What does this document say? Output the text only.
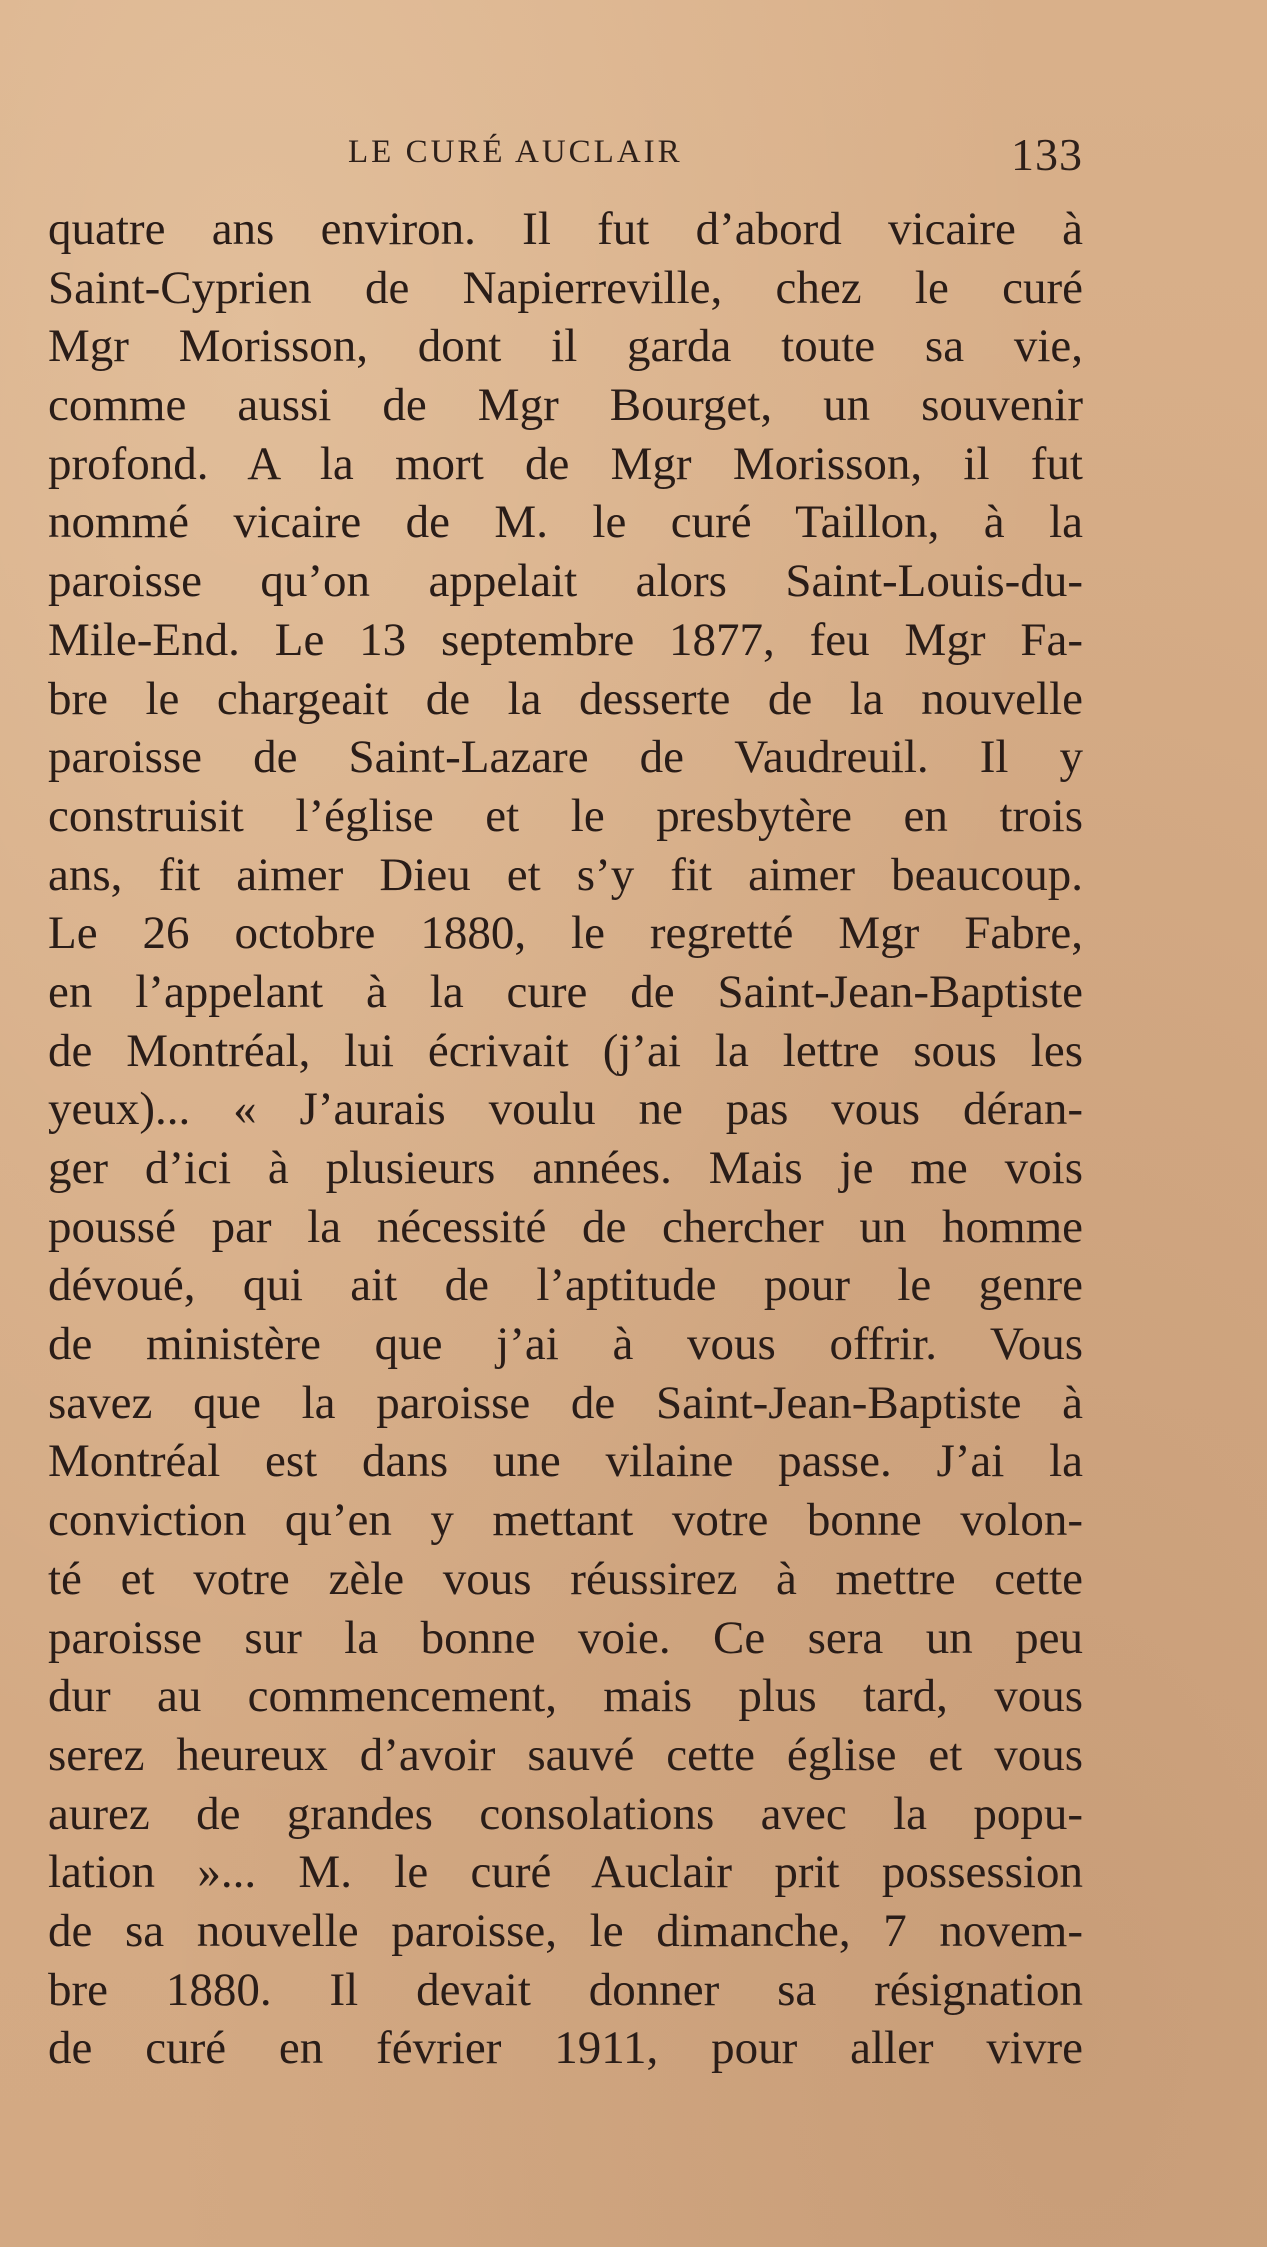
LE CURÉ AUCLAIR	133
quatre ans environ. Il fut d’abord vicaire à
Saint-Cyprien de Napierreville, chez le curé
Mgr Morisson, dont il garda toute sa vie,
comme aussi de Mgr Bourget, un souvenir
profond. A la mort de Mgr Morisson, il fut
nommé vicaire de M. le curé Taillon, à la
paroisse qu’on appelait alors Saint-Louis-du-
Mile-End. Le 13 septembre 1877, feu Mgr Fa-
bre le chargeait de la desserte de la nouvelle
paroisse de Saint-Lazare de Vaudreuil. Il y
construisit l’église et le presbytère en trois
ans, fit aimer Dieu et s’y fit aimer beaucoup.
Le 26 octobre 1880, le regretté Mgr Fabre,
en l’appelant à la cure de Saint-Jean-Baptiste
de Montréal, lui écrivait (j’ai la lettre sous les
yeux)... « J’aurais voulu ne pas vous déran-
ger d’ici à plusieurs années. Mais je me vois
poussé par la nécessité de chercher un homme
dévoué, qui ait de l’aptitude pour le genre
de ministère que j’ai à vous offrir. Vous
savez que la paroisse de Saint-Jean-Baptiste à
Montréal est dans une vilaine passe. J’ai la
conviction qu’en y mettant votre bonne volon-
té et votre zèle vous réussirez à mettre cette
paroisse sur la bonne voie. Ce sera un peu
dur au commencement, mais plus tard, vous
serez heureux d’avoir sauvé cette église et vous
aurez de grandes consolations avec la popu-
lation »... M. le curé Auclair prit possession
de sa nouvelle paroisse, le dimanche, 7 novem-
bre 1880. Il devait donner sa résignation
de curé en février 1911, pour aller vivre
